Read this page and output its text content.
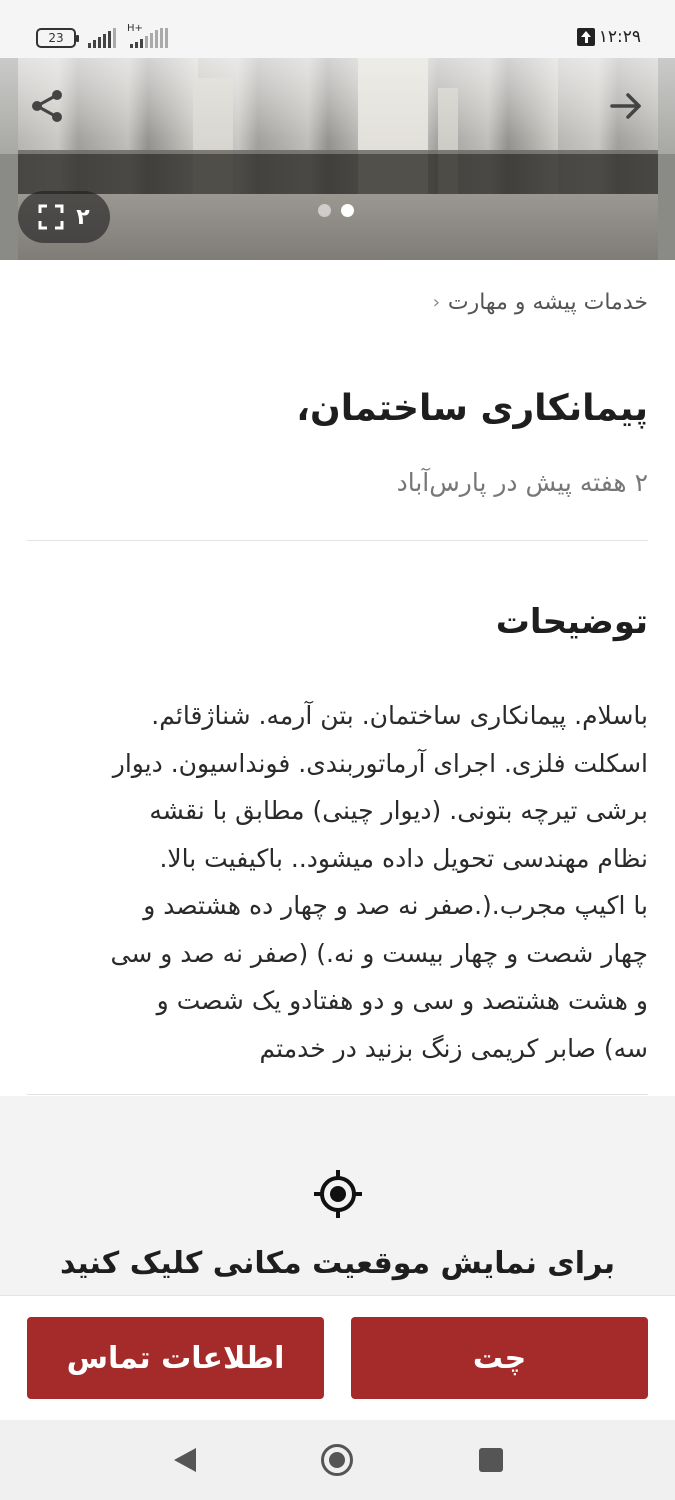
23
H+	۱۲:۲۹
۲
خدمات پیشه و مهارت
‹
پیمانکاری ساختمان،
۲ هفته پیش در پارس‌آباد
توضیحات

باسلام. پیمانکاری ساختمان. بتن آرمه. شناژقائم.
اسکلت فلزی. اجرای آرماتوربندی. فونداسیون. دیوار
برشی تیرچه بتونی. (دیوار چینی) مطابق با نقشه
نظام مهندسی تحویل داده میشود.. باکیفیت بالا.
با اکیپ مجرب.(.صفر نه صد و چهار ده هشتصد و
چهار شصت و چهار بیست و نه.) (صفر نه صد و سی
و هشت هشتصد و سی و دو هفتادو یک شصت و
سه) صابر کریمی زنگ بزنید در خدمتم

برای نمایش موقعیت مکانی کلیک کنید
اطلاعات تماس	چت
